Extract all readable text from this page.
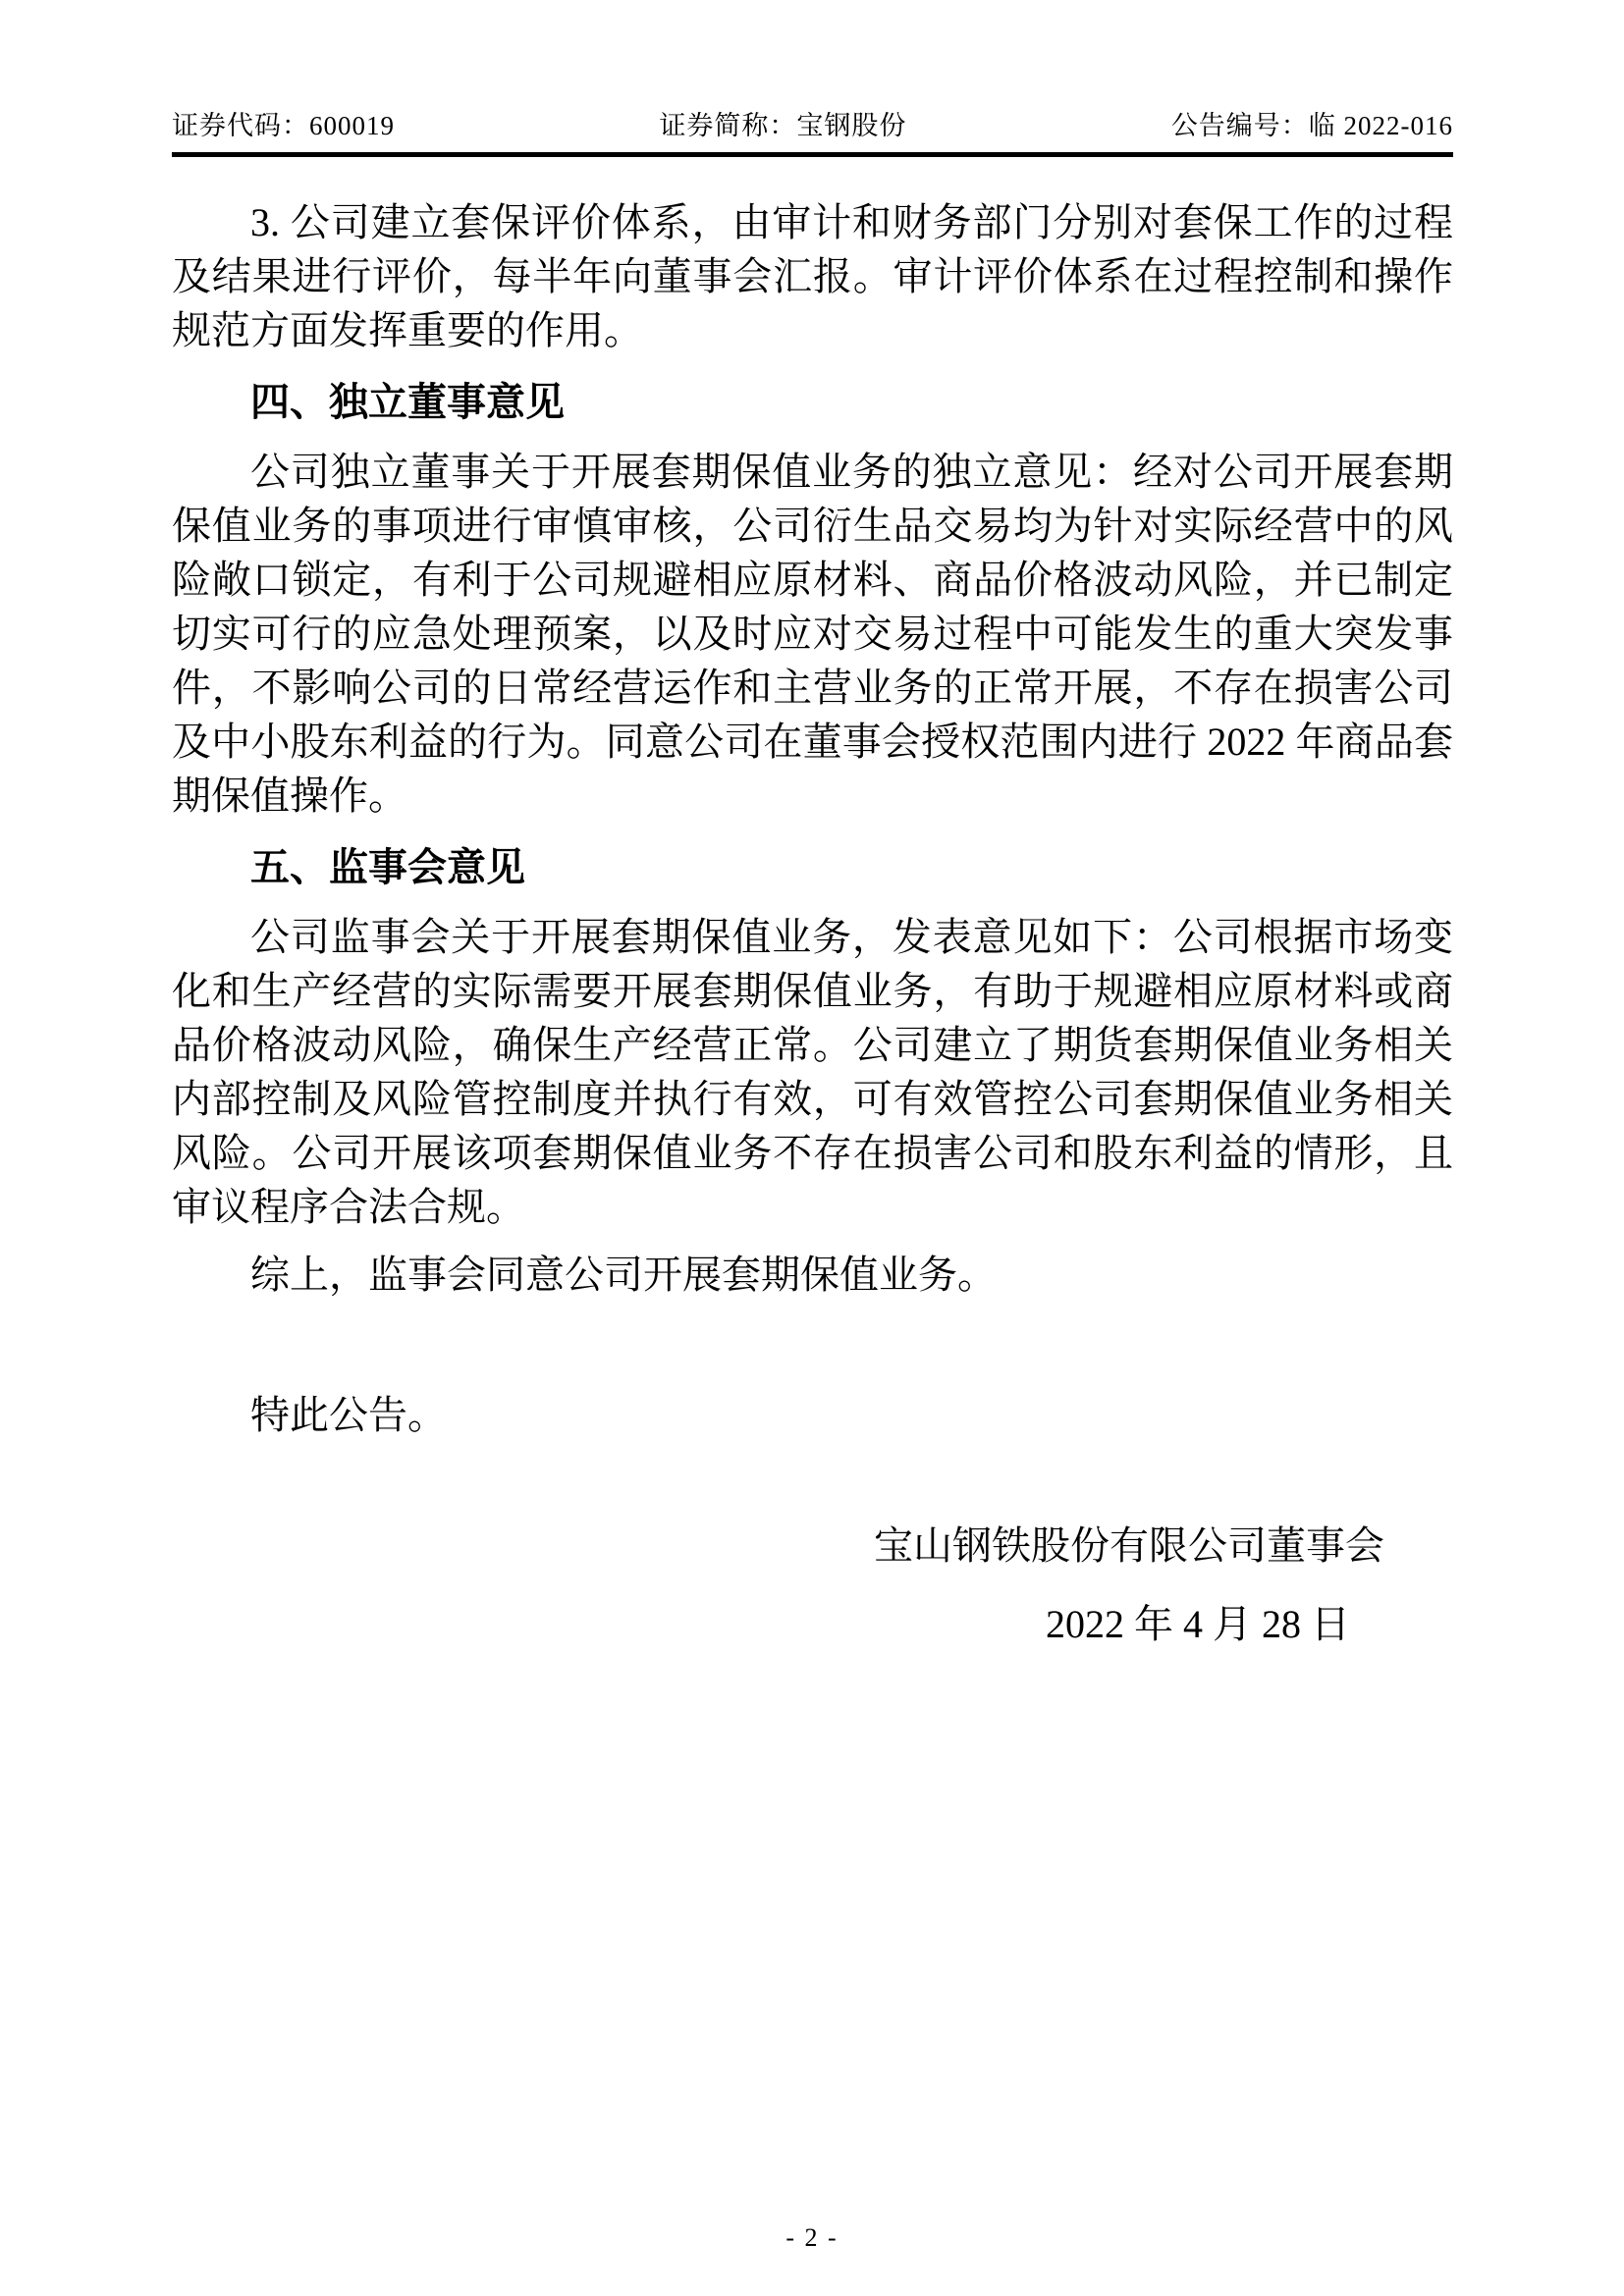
证券代码：600019	证券简称：宝钢股份	公告编号：临 2022-016

3. 公司建立套保评价体系，由审计和财务部门分别对套保工作的过程及结果进行评价，每半年向董事会汇报。审计评价体系在过程控制和操作规范方面发挥重要的作用。

四、独立董事意见

公司独立董事关于开展套期保值业务的独立意见：经对公司开展套期保值业务的事项进行审慎审核，公司衍生品交易均为针对实际经营中的风险敞口锁定，有利于公司规避相应原材料、商品价格波动风险，并已制定切实可行的应急处理预案，以及时应对交易过程中可能发生的重大突发事件，不影响公司的日常经营运作和主营业务的正常开展，不存在损害公司及中小股东利益的行为。同意公司在董事会授权范围内进行 2022 年商品套期保值操作。

五、监事会意见

公司监事会关于开展套期保值业务，发表意见如下：公司根据市场变化和生产经营的实际需要开展套期保值业务，有助于规避相应原材料或商品价格波动风险，确保生产经营正常。公司建立了期货套期保值业务相关内部控制及风险管控制度并执行有效，可有效管控公司套期保值业务相关风险。公司开展该项套期保值业务不存在损害公司和股东利益的情形，且审议程序合法合规。

综上，监事会同意公司开展套期保值业务。

特此公告。

宝山钢铁股份有限公司董事会
2022 年 4 月 28 日
- 2 -
